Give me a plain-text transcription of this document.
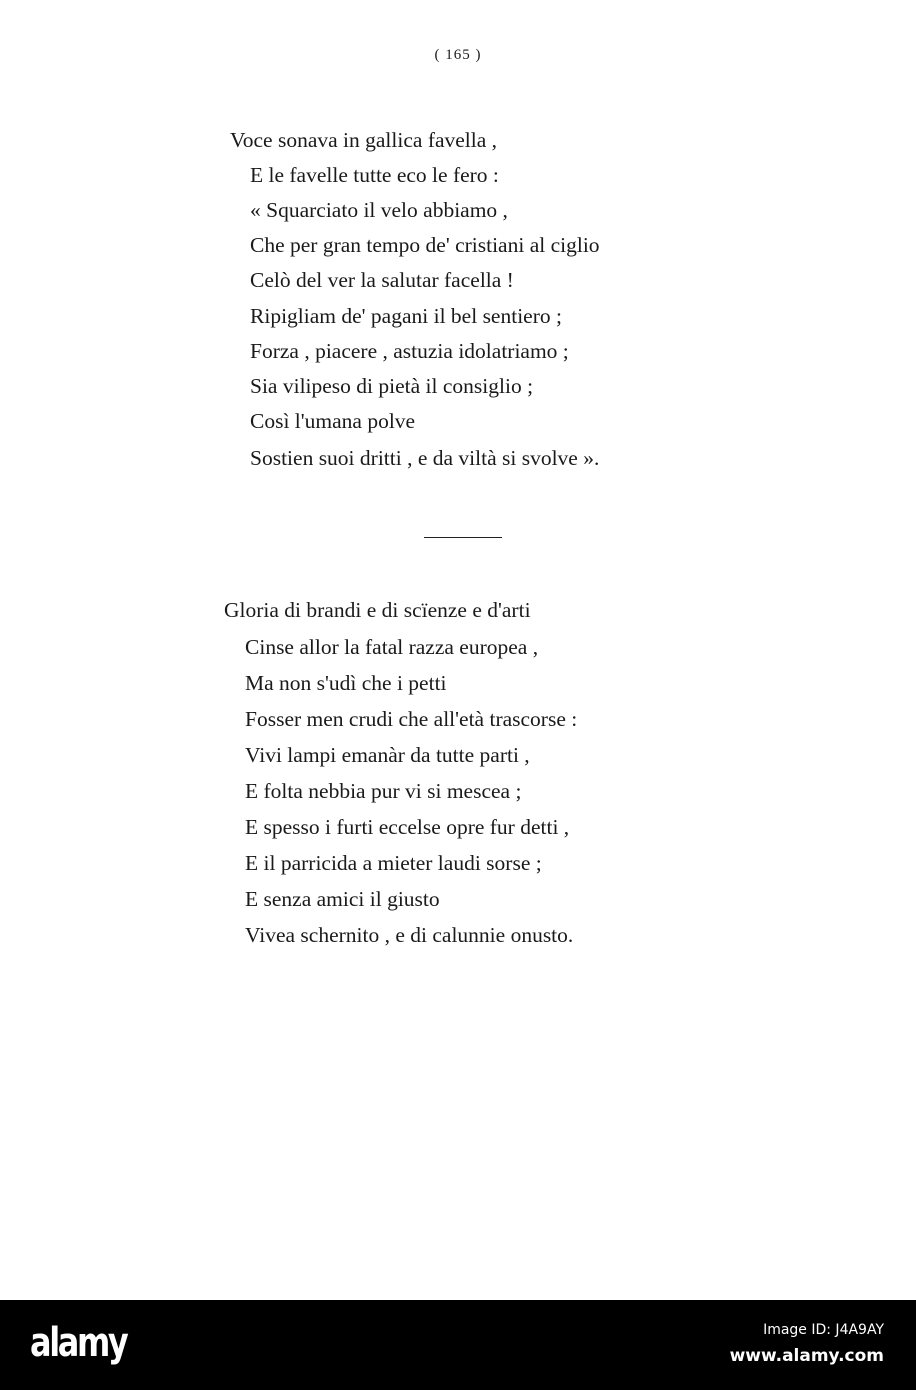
( 165 )
Voce sonava in gallica favella ,
E le favelle tutte eco le fero :
« Squarciato il velo abbiamo ,
Che per gran tempo de' cristiani al ciglio
Celò del ver la salutar facella !
Ripigliam de' pagani il bel sentiero ;
Forza , piacere , astuzia idolatriamo ;
Sia vilipeso di pietà il consiglio ;
Così l'umana polve
Sostien suoi dritti , e da viltà si svolve ».
Gloria di brandi e di scïenze e d'arti
Cinse allor la fatal razza europea ,
Ma non s'udì che i petti
Fosser men crudi che all'età trascorse :
Vivi lampi emanàr da tutte parti ,
E folta nebbia pur vi si mescea ;
E spesso i furti eccelse opre fur detti ,
E il parricida a mieter laudi sorse ;
E senza amici il giusto
Vivea schernito , e di calunnie onusto.
alamy	Image ID: J4A9AY
www.alamy.com
